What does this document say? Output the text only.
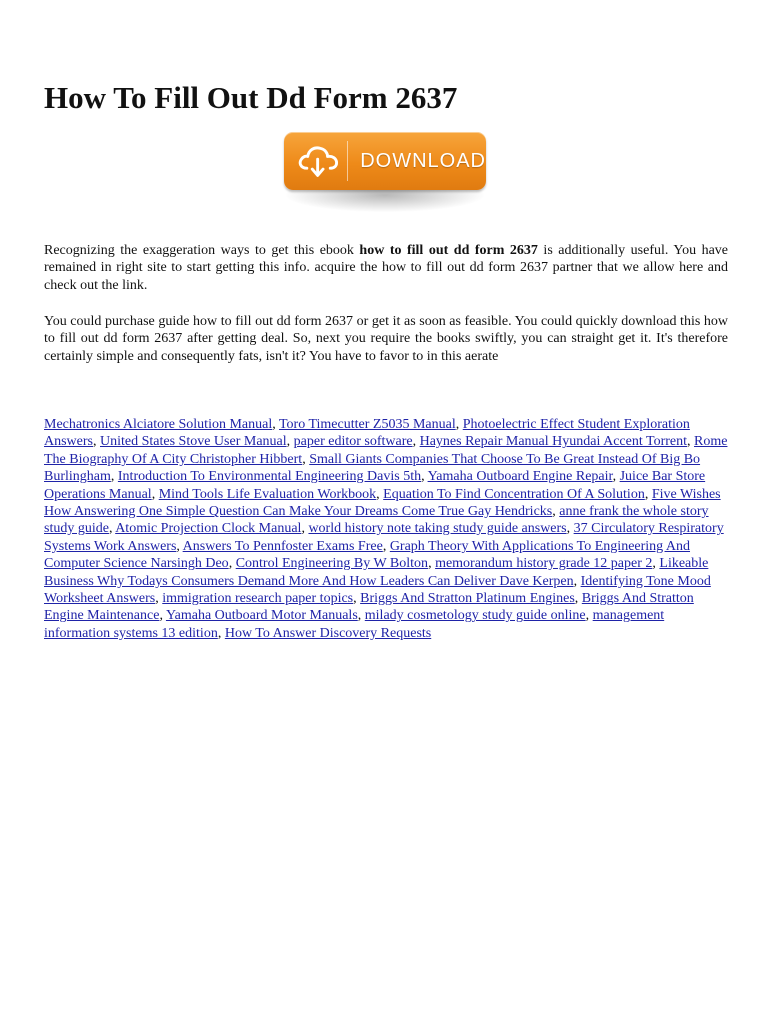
How To Fill Out Dd Form 2637
DOWNLOAD

Recognizing the exaggeration ways to get this ebook how to fill out dd form 2637 is additionally useful. You have remained in right site to start getting this info. acquire the how to fill out dd form 2637 partner that we allow here and check out the link.

You could purchase guide how to fill out dd form 2637 or get it as soon as feasible. You could quickly download this how to fill out dd form 2637 after getting deal. So, next you require the books swiftly, you can straight get it. It's therefore certainly simple and consequently fats, isn't it? You have to favor to in this aerate

Mechatronics Alciatore Solution Manual, Toro Timecutter Z5035 Manual, Photoelectric Effect Student Exploration Answers, United States Stove User Manual, paper editor software, Haynes Repair Manual Hyundai Accent Torrent, Rome The Biography Of A City Christopher Hibbert, Small Giants Companies That Choose To Be Great Instead Of Big Bo Burlingham, Introduction To Environmental Engineering Davis 5th, Yamaha Outboard Engine Repair, Juice Bar Store Operations Manual, Mind Tools Life Evaluation Workbook, Equation To Find Concentration Of A Solution, Five Wishes How Answering One Simple Question Can Make Your Dreams Come True Gay Hendricks, anne frank the whole story study guide, Atomic Projection Clock Manual, world history note taking study guide answers, 37 Circulatory Respiratory Systems Work Answers, Answers To Pennfoster Exams Free, Graph Theory With Applications To Engineering And Computer Science Narsingh Deo, Control Engineering By W Bolton, memorandum history grade 12 paper 2, Likeable Business Why Todays Consumers Demand More And How Leaders Can Deliver Dave Kerpen, Identifying Tone Mood Worksheet Answers, immigration research paper topics, Briggs And Stratton Platinum Engines, Briggs And Stratton Engine Maintenance, Yamaha Outboard Motor Manuals, milady cosmetology study guide online, management information systems 13 edition, How To Answer Discovery Requests
